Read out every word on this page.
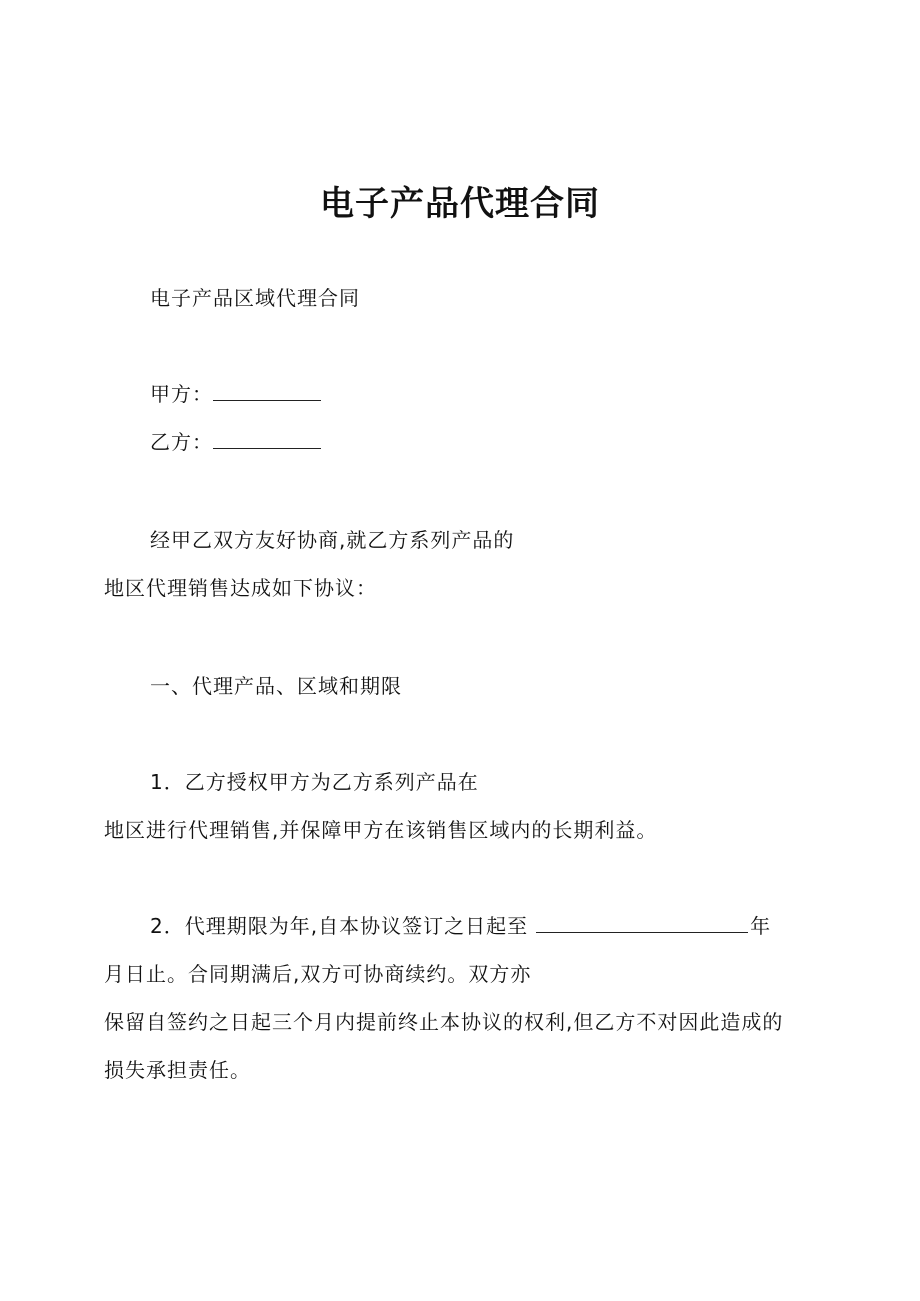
电子产品代理合同
电子产品区域代理合同
甲方：
乙方：
经甲乙双方友好协商,就乙方系列产品的
地区代理销售达成如下协议：
一、代理产品、区域和期限
1．乙方授权甲方为乙方系列产品在
地区进行代理销售,并保障甲方在该销售区域内的长期利益。
2．代理期限为年,自本协议签订之日起至	年
月日止。合同期满后,双方可协商续约。双方亦
保留自签约之日起三个月内提前终止本协议的权利,但乙方不对因此造成的
损失承担责任。
